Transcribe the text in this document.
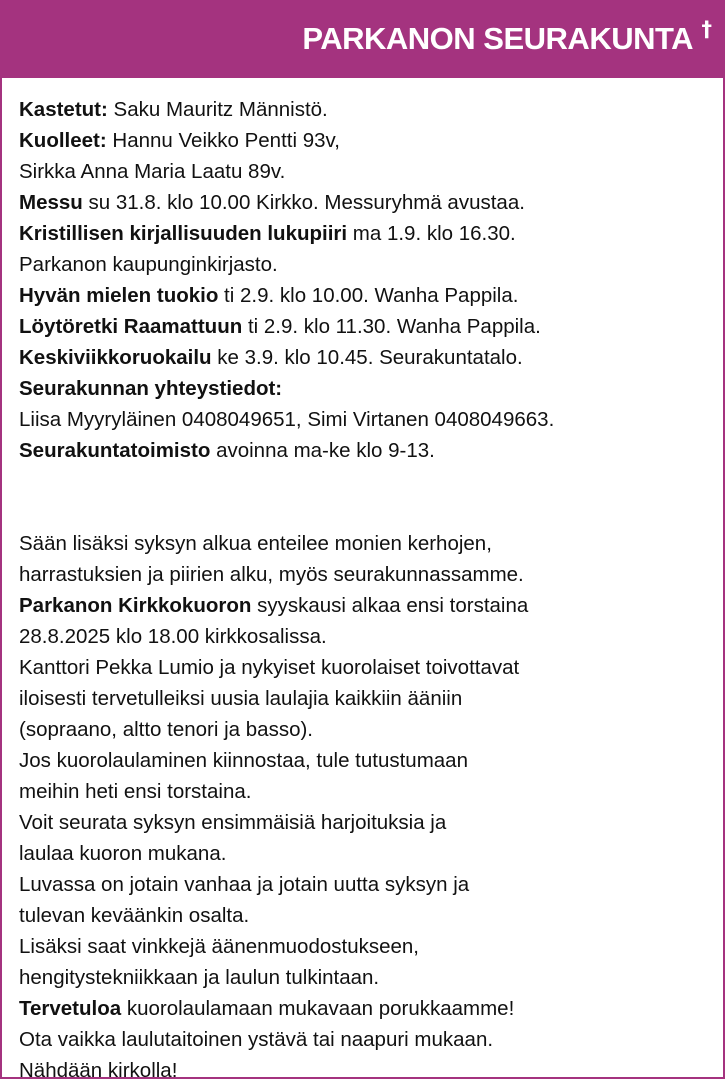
PARKANON SEURAKUNTA †

Kastetut: Saku Mauritz Männistö.

Kuolleet: Hannu Veikko Pentti 93v,

Sirkka Anna Maria Laatu 89v.

Messu su 31.8. klo 10.00 Kirkko. Messuryhmä avustaa.

Kristillisen kirjallisuuden lukupiiri ma 1.9. klo 16.30.

Parkanon kaupunginkirjasto.

Hyvän mielen tuokio ti 2.9. klo 10.00. Wanha Pappila.

Löytöretki Raamattuun ti 2.9. klo 11.30. Wanha Pappila.

Keskiviikkoruokailu ke 3.9. klo 10.45. Seurakuntatalo.

Seurakunnan yhteystiedot:

Liisa Myyryläinen 0408049651, Simi Virtanen 0408049663.

Seurakuntatoimisto avoinna ma-ke klo 9-13.

Sään lisäksi syksyn alkua enteilee monien kerhojen,

harrastuksien ja piirien alku, myös seurakunnassamme.

Parkanon Kirkkokuoron syyskausi alkaa ensi torstaina

28.8.2025 klo 18.00 kirkkosalissa.

Kanttori Pekka Lumio ja nykyiset kuorolaiset toivottavat

iloisesti tervetulleiksi uusia laulajia kaikkiin ääniin

(sopraano, altto tenori ja basso).

Jos kuorolaulaminen kiinnostaa, tule tutustumaan

meihin heti ensi torstaina.

Voit seurata syksyn ensimmäisiä harjoituksia ja

laulaa kuoron mukana.

Luvassa on jotain vanhaa ja jotain uutta syksyn ja

tulevan keväänkin osalta.

Lisäksi saat vinkkejä äänenmuodostukseen,

hengitystekniikkaan ja laulun tulkintaan.

Tervetuloa kuorolaulamaan mukavaan porukkaamme!

Ota vaikka laulutaitoinen ystävä tai naapuri mukaan.

Nähdään kirkolla!
